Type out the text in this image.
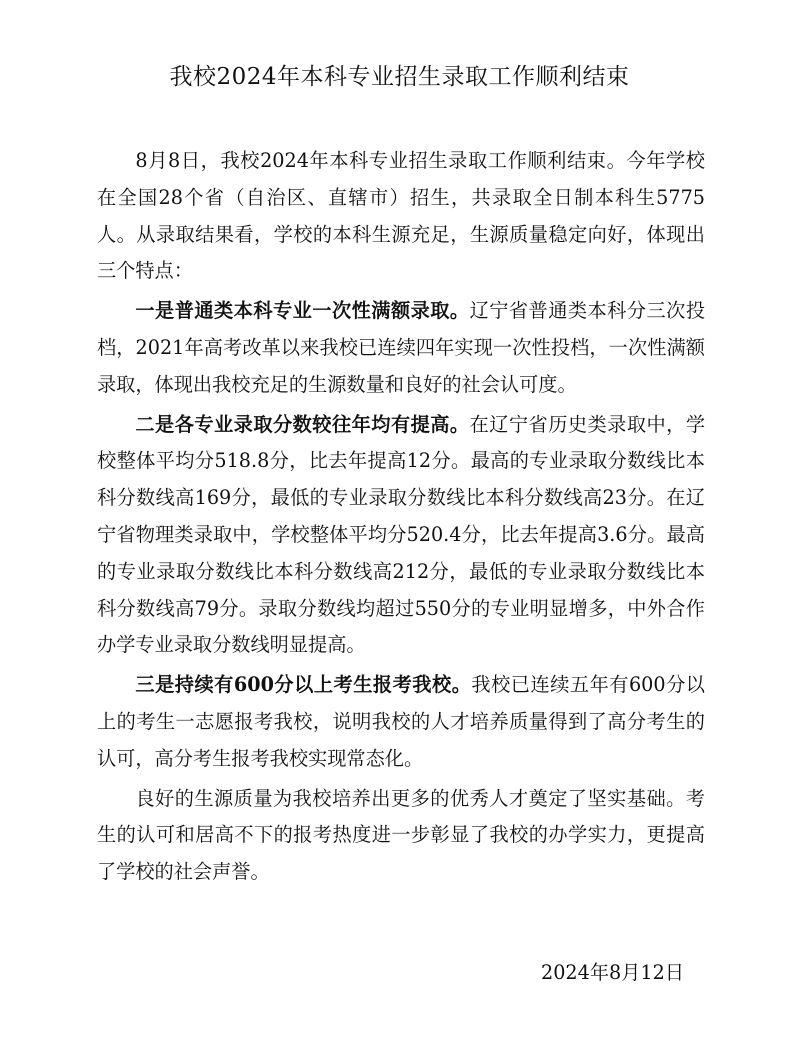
我校2024年本科专业招生录取工作顺利结束

8月8日，我校2024年本科专业招生录取工作顺利结束。今年学校在全国28个省（自治区、直辖市）招生，共录取全日制本科生5775人。从录取结果看，学校的本科生源充足，生源质量稳定向好，体现出三个特点：

一是普通类本科专业一次性满额录取。辽宁省普通类本科分三次投档，2021年高考改革以来我校已连续四年实现一次性投档，一次性满额录取，体现出我校充足的生源数量和良好的社会认可度。

二是各专业录取分数较往年均有提高。在辽宁省历史类录取中，学校整体平均分518.8分，比去年提高12分。最高的专业录取分数线比本科分数线高169分，最低的专业录取分数线比本科分数线高23分。在辽宁省物理类录取中，学校整体平均分520.4分，比去年提高3.6分。最高的专业录取分数线比本科分数线高212分，最低的专业录取分数线比本科分数线高79分。录取分数线均超过550分的专业明显增多，中外合作办学专业录取分数线明显提高。

三是持续有600分以上考生报考我校。我校已连续五年有600分以上的考生一志愿报考我校，说明我校的人才培养质量得到了高分考生的认可，高分考生报考我校实现常态化。

良好的生源质量为我校培养出更多的优秀人才奠定了坚实基础。考生的认可和居高不下的报考热度进一步彰显了我校的办学实力，更提高了学校的社会声誉。

2024年8月12日
